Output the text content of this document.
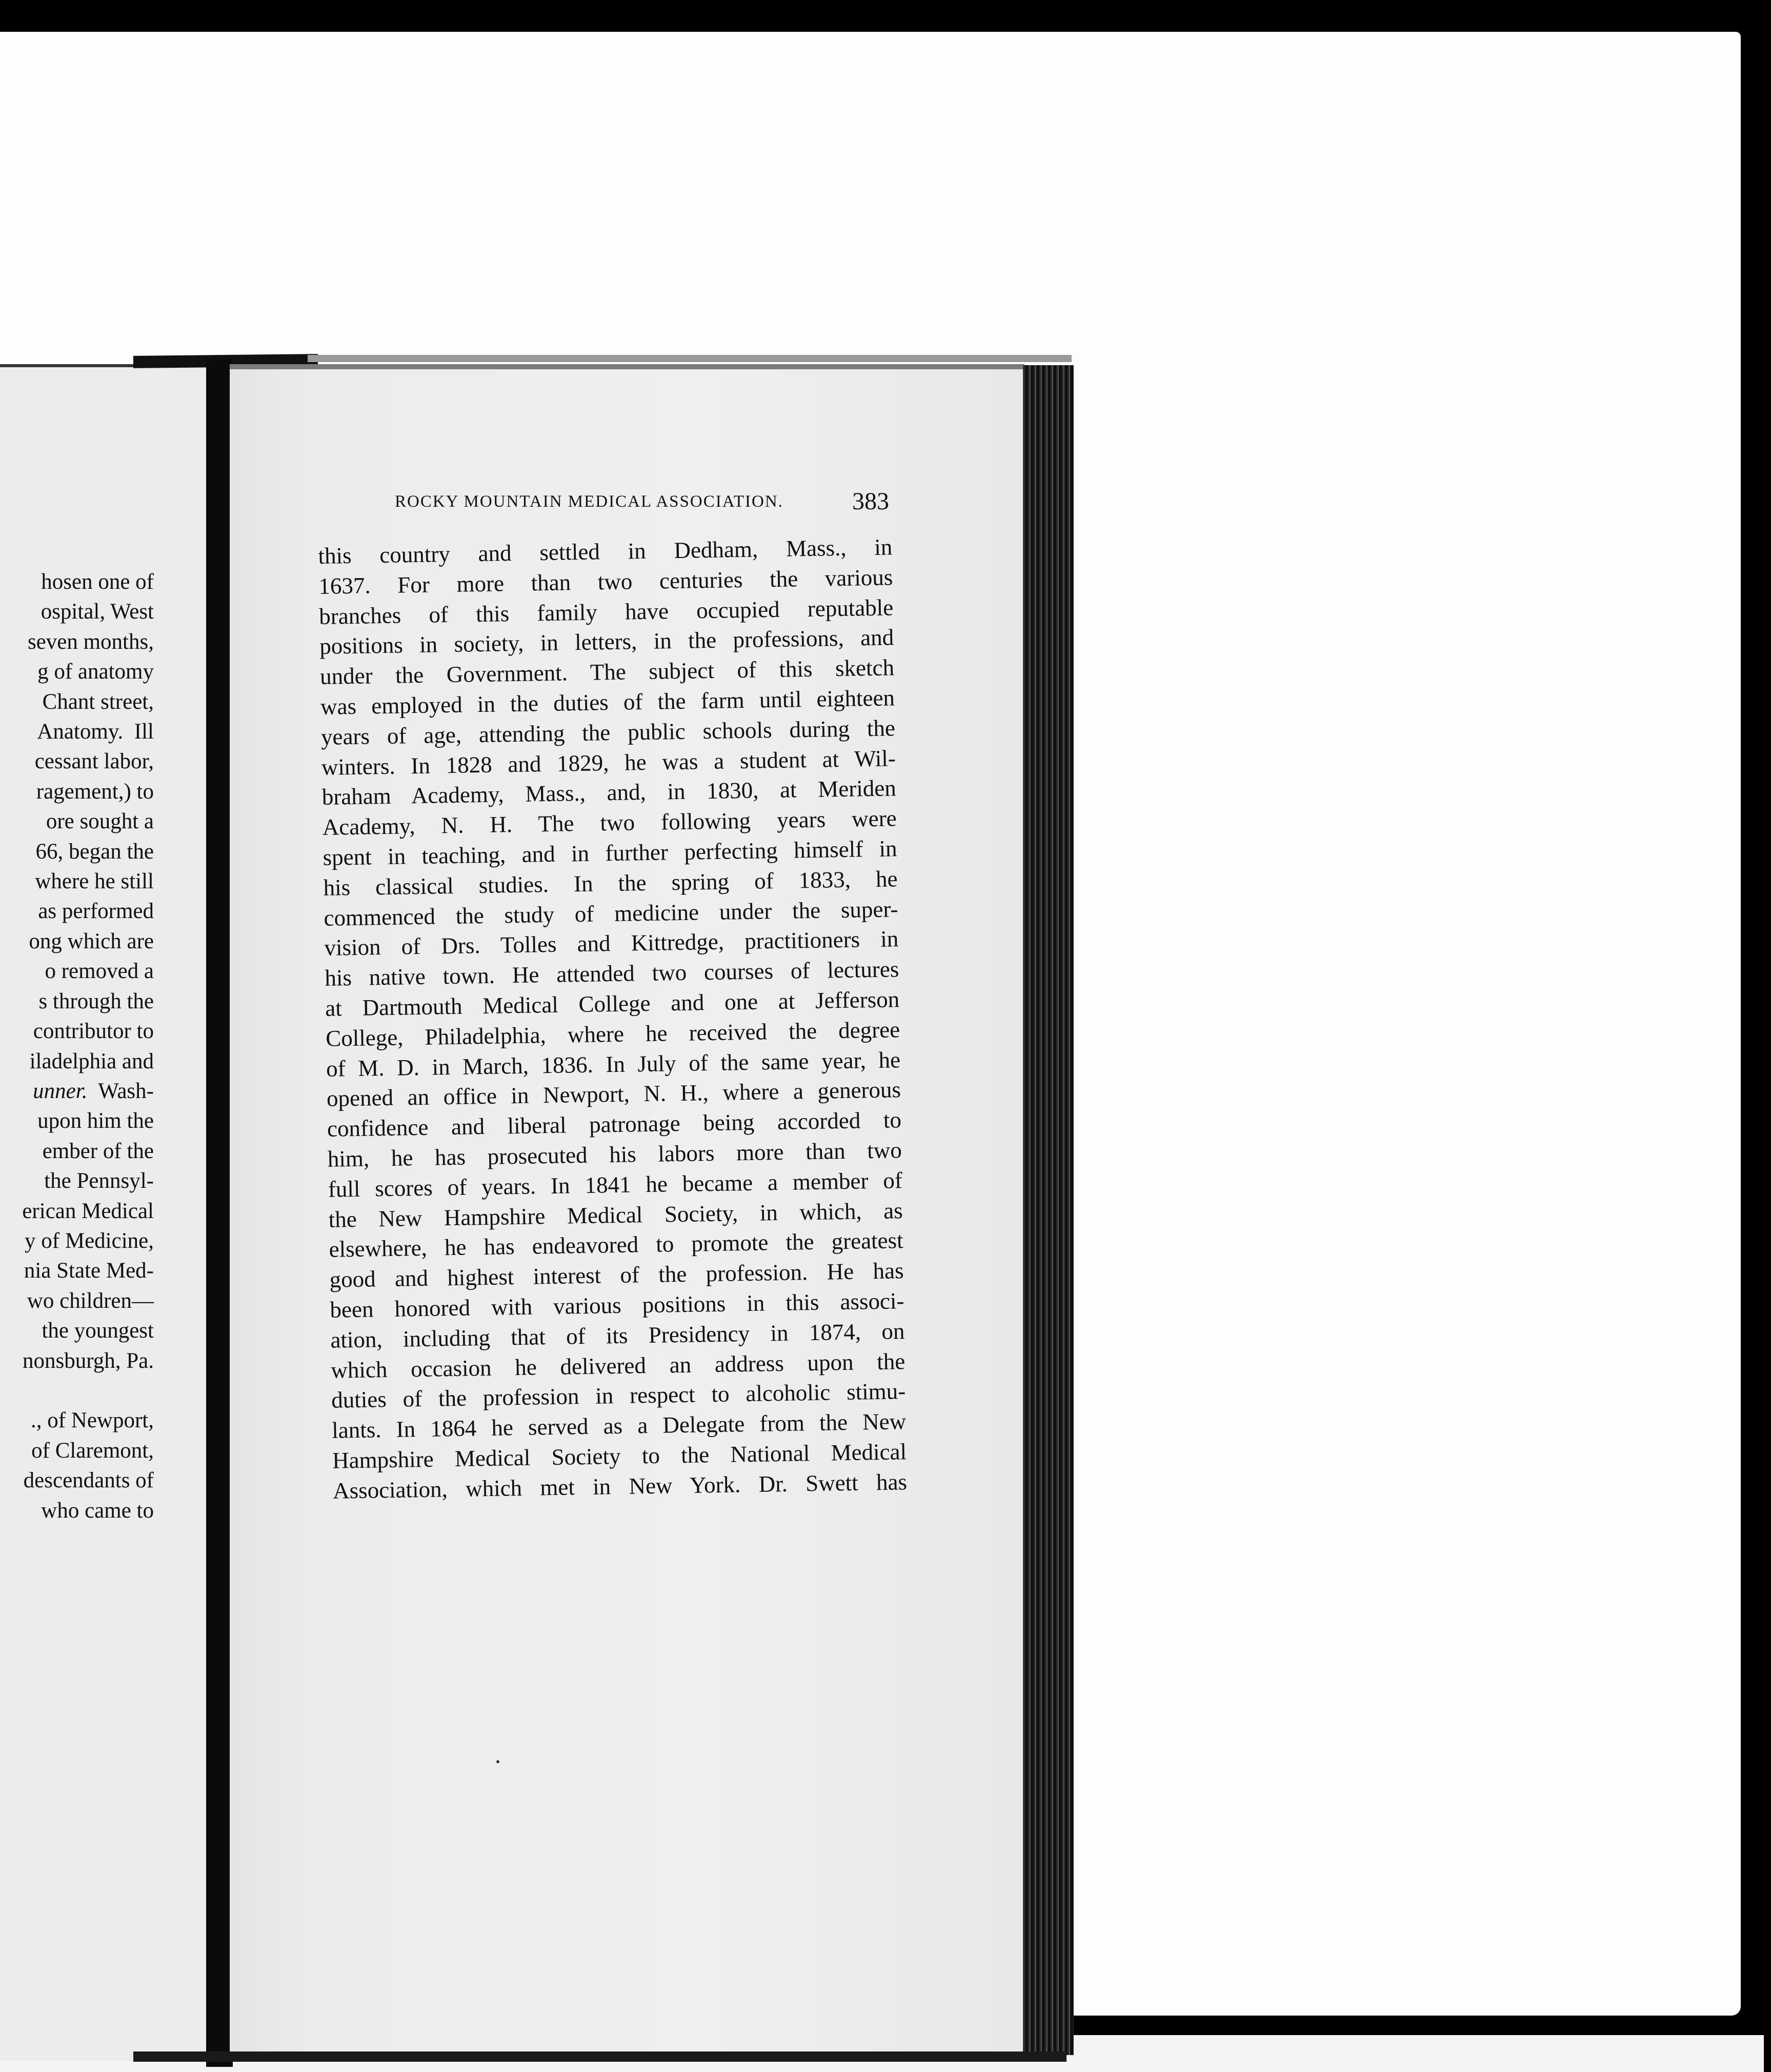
hosen one of
ospital, West
seven months,
g of anatomy
Chant street,
Anatomy.  Ill
cessant labor,
ragement,) to
ore sought a
66, began the
where he still
as performed
ong which are
o removed a
s through the
contributor to
iladelphia and
unner.  Wash-
upon him the
ember of the
the Pennsyl-
erican Medical
y of Medicine,
nia State Med-
wo children—
the youngest
nonsburgh, Pa.

., of Newport,
of Claremont,
descendants of
who came to
ROCKY MOUNTAIN MEDICAL ASSOCIATION.	383
this country and settled in Dedham, Mass., in
1637. For more than two centuries the various
branches of this family have occupied reputable
positions in society, in letters, in the professions, and
under the Government. The subject of this sketch
was employed in the duties of the farm until eighteen
years of age, attending the public schools during the
winters. In 1828 and 1829, he was a student at Wil-
braham Academy, Mass., and, in 1830, at Meriden
Academy, N. H. The two following years were
spent in teaching, and in further perfecting himself in
his classical studies. In the spring of 1833, he
commenced the study of medicine under the super-
vision of Drs. Tolles and Kittredge, practitioners in
his native town. He attended two courses of lectures
at Dartmouth Medical College and one at Jefferson
College, Philadelphia, where he received the degree
of M. D. in March, 1836. In July of the same year, he
opened an office in Newport, N. H., where a generous
confidence and liberal patronage being accorded to
him, he has prosecuted his labors more than two
full scores of years. In 1841 he became a member of
the New Hampshire Medical Society, in which, as
elsewhere, he has endeavored to promote the greatest
good and highest interest of the profession. He has
been honored with various positions in this associ-
ation, including that of its Presidency in 1874, on
which occasion he delivered an address upon the
duties of the profession in respect to alcoholic stimu-
lants. In 1864 he served as a Delegate from the New
Hampshire Medical Society to the National Medical
Association, which met in New York. Dr. Swett has
